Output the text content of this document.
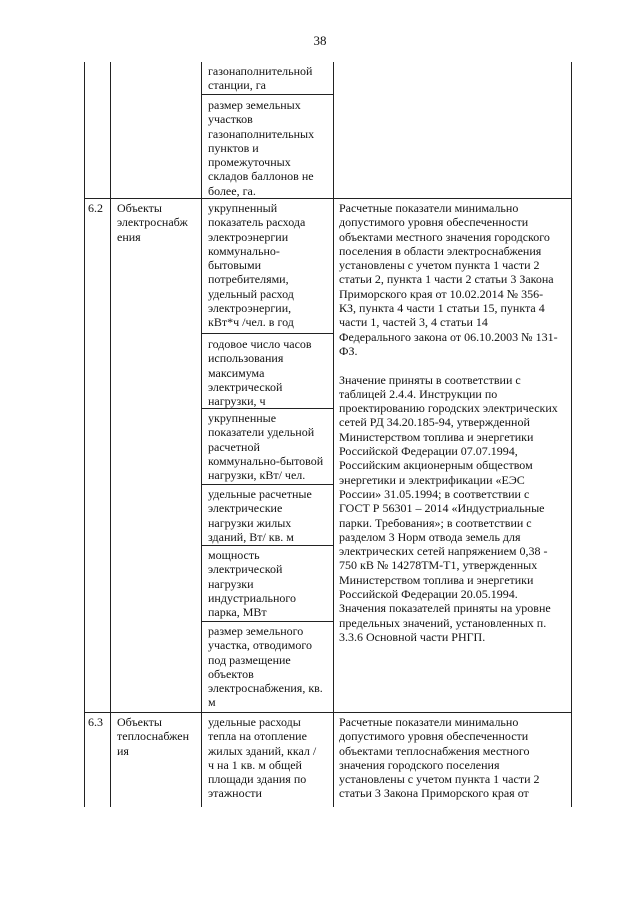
38
газонаполнительной
станции, га
размер земельных
участков
газонаполнительных
пунктов и
промежуточных
складов баллонов не
более, га.
6.2	Объекты
электроснабж
ения
укрупненный
показатель расхода
электроэнергии
коммунально-
бытовыми
потребителями,
удельный расход
электроэнергии,
кВт*ч /чел. в год
годовое число часов
использования
максимума
электрической
нагрузки, ч
укрупненные
показатели удельной
расчетной
коммунально-бытовой
нагрузки, кВт/ чел.
удельные расчетные
электрические
нагрузки жилых
зданий, Вт/ кв. м
мощность
электрической
нагрузки
индустриального
парка, МВт
размер земельного
участка, отводимого
под размещение
объектов
электроснабжения, кв.
м
Расчетные показатели минимально
допустимого уровня обеспеченности
объектами местного значения городского
поселения в области электроснабжения
установлены с учетом пункта 1 части 2
статьи 2, пункта 1 части 2 статьи 3 Закона
Приморского края от 10.02.2014 № 356-
КЗ, пункта 4 части 1 статьи 15, пункта 4
части 1, частей 3, 4 статьи 14
Федерального закона от 06.10.2003 № 131-
ФЗ.

Значение приняты в соответствии с
таблицей 2.4.4. Инструкции по
проектированию городских электрических
сетей РД 34.20.185-94, утвержденной
Министерством топлива и энергетики
Российской Федерации 07.07.1994,
Российским акционерным обществом
энергетики и электрификации «ЕЭС
России» 31.05.1994; в соответствии с
ГОСТ Р 56301 – 2014 «Индустриальные
парки. Требования»; в соответствии с
разделом 3 Норм отвода земель для
электрических сетей напряжением 0,38 -
750 кВ № 14278ТМ-Т1, утвержденных
Министерством топлива и энергетики
Российской Федерации 20.05.1994.
Значения показателей приняты на уровне
предельных значений, установленных п.
3.3.6 Основной части РНГП.
6.3	Объекты
теплоснабжен
ия
удельные расходы
тепла на отопление
жилых зданий, ккал /
ч на 1 кв. м общей
площади здания по
этажности
Расчетные показатели минимально
допустимого уровня обеспеченности
объектами теплоснабжения местного
значения городского поселения
установлены с учетом пункта 1 части 2
статьи 3 Закона Приморского края от
